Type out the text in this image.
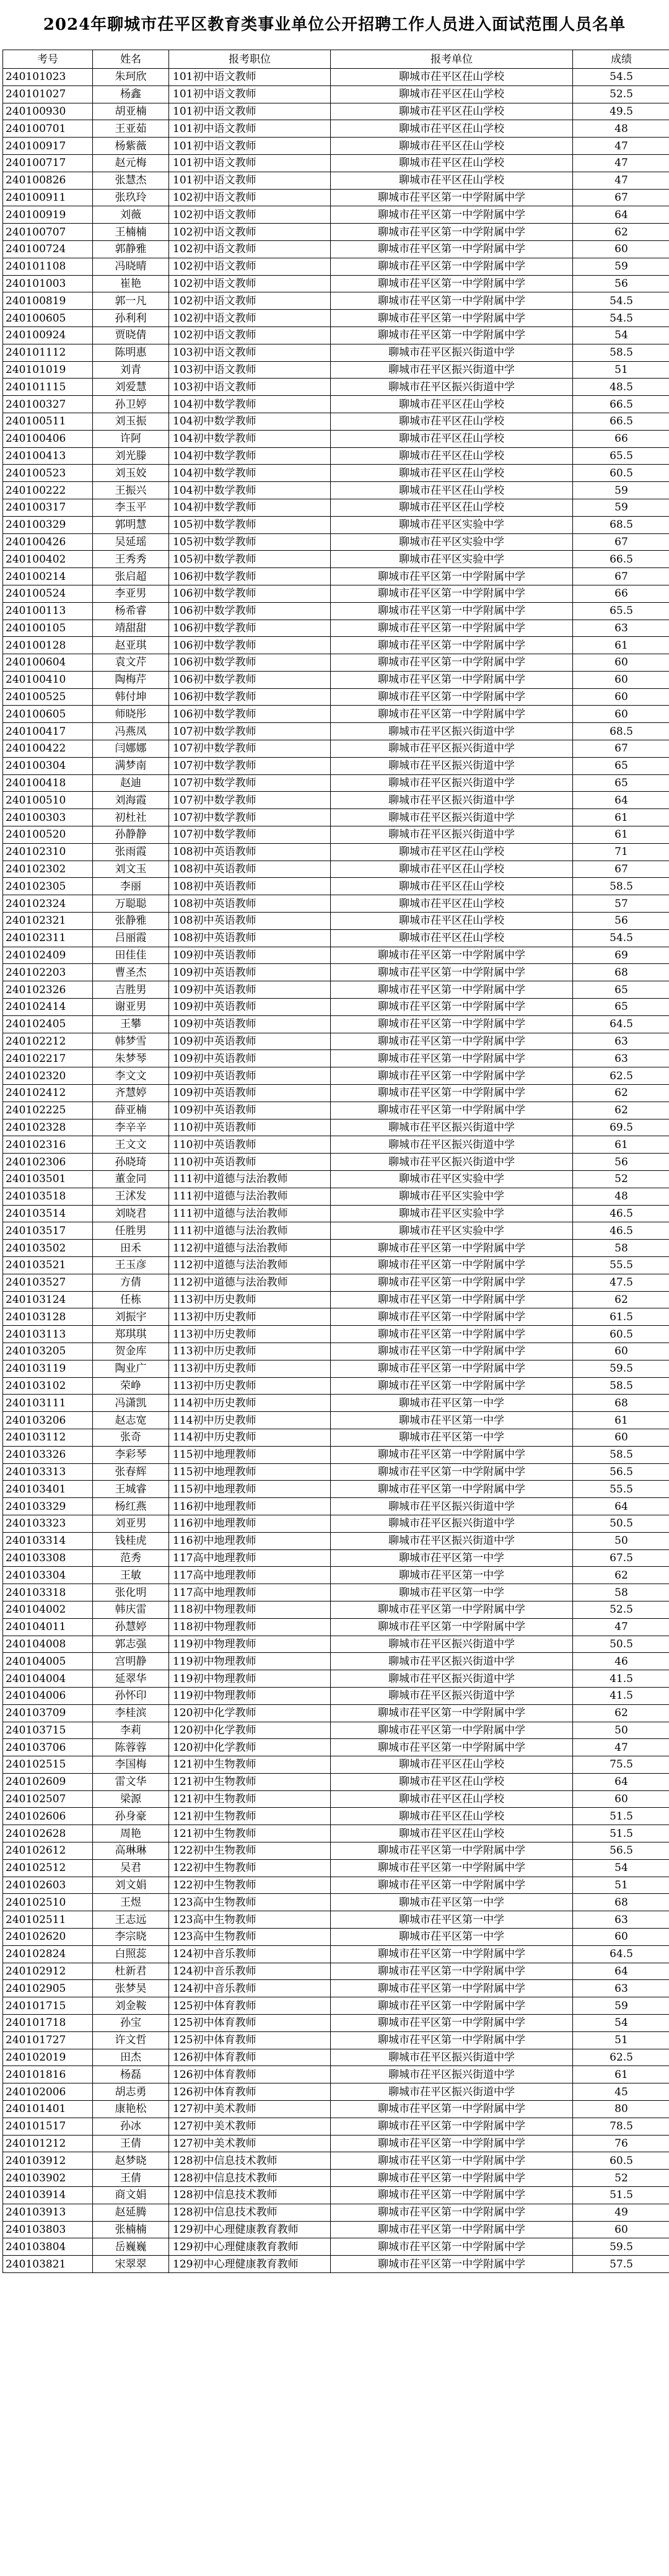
2024年聊城市茌平区教育类事业单位公开招聘工作人员进入面试范围人员名单
考号	姓名	报考职位	报考单位	成绩
240101023	朱珂欣	101初中语文教师	聊城市茌平区茌山学校	54.5
240101027	杨鑫	101初中语文教师	聊城市茌平区茌山学校	52.5
240100930	胡亚楠	101初中语文教师	聊城市茌平区茌山学校	49.5
240100701	王亚茹	101初中语文教师	聊城市茌平区茌山学校	48
240100917	杨紫薇	101初中语文教师	聊城市茌平区茌山学校	47
240100717	赵元梅	101初中语文教师	聊城市茌平区茌山学校	47
240100826	张慧杰	101初中语文教师	聊城市茌平区茌山学校	47
240100911	张玖玲	102初中语文教师	聊城市茌平区第一中学附属中学	67
240100919	刘薇	102初中语文教师	聊城市茌平区第一中学附属中学	64
240100707	王楠楠	102初中语文教师	聊城市茌平区第一中学附属中学	62
240100724	郭静雅	102初中语文教师	聊城市茌平区第一中学附属中学	60
240101108	冯晓晴	102初中语文教师	聊城市茌平区第一中学附属中学	59
240101003	崔艳	102初中语文教师	聊城市茌平区第一中学附属中学	56
240100819	郭一凡	102初中语文教师	聊城市茌平区第一中学附属中学	54.5
240100605	孙利利	102初中语文教师	聊城市茌平区第一中学附属中学	54.5
240100924	贾晓倩	102初中语文教师	聊城市茌平区第一中学附属中学	54
240101112	陈明惠	103初中语文教师	聊城市茌平区振兴街道中学	58.5
240101019	刘青	103初中语文教师	聊城市茌平区振兴街道中学	51
240101115	刘爱慧	103初中语文教师	聊城市茌平区振兴街道中学	48.5
240100327	孙卫婷	104初中数学教师	聊城市茌平区茌山学校	66.5
240100511	刘玉振	104初中数学教师	聊城市茌平区茌山学校	66.5
240100406	许阿	104初中数学教师	聊城市茌平区茌山学校	66
240100413	刘光滕	104初中数学教师	聊城市茌平区茌山学校	65.5
240100523	刘玉姣	104初中数学教师	聊城市茌平区茌山学校	60.5
240100222	王振兴	104初中数学教师	聊城市茌平区茌山学校	59
240100317	李玉平	104初中数学教师	聊城市茌平区茌山学校	59
240100329	郭明慧	105初中数学教师	聊城市茌平区实验中学	68.5
240100426	吴延瑶	105初中数学教师	聊城市茌平区实验中学	67
240100402	王秀秀	105初中数学教师	聊城市茌平区实验中学	66.5
240100214	张启超	106初中数学教师	聊城市茌平区第一中学附属中学	67
240100524	李亚男	106初中数学教师	聊城市茌平区第一中学附属中学	66
240100113	杨希睿	106初中数学教师	聊城市茌平区第一中学附属中学	65.5
240100105	靖甜甜	106初中数学教师	聊城市茌平区第一中学附属中学	63
240100128	赵亚琪	106初中数学教师	聊城市茌平区第一中学附属中学	61
240100604	袁文芹	106初中数学教师	聊城市茌平区第一中学附属中学	60
240100410	陶梅芹	106初中数学教师	聊城市茌平区第一中学附属中学	60
240100525	韩付坤	106初中数学教师	聊城市茌平区第一中学附属中学	60
240100605	师晓彤	106初中数学教师	聊城市茌平区第一中学附属中学	60
240100417	冯燕凤	107初中数学教师	聊城市茌平区振兴街道中学	68.5
240100422	闫娜娜	107初中数学教师	聊城市茌平区振兴街道中学	67
240100304	满梦南	107初中数学教师	聊城市茌平区振兴街道中学	65
240100418	赵迪	107初中数学教师	聊城市茌平区振兴街道中学	65
240100510	刘海霞	107初中数学教师	聊城市茌平区振兴街道中学	64
240100303	初杜社	107初中数学教师	聊城市茌平区振兴街道中学	61
240100520	孙静静	107初中数学教师	聊城市茌平区振兴街道中学	61
240102310	张雨霞	108初中英语教师	聊城市茌平区茌山学校	71
240102302	刘文玉	108初中英语教师	聊城市茌平区茌山学校	67
240102305	李丽	108初中英语教师	聊城市茌平区茌山学校	58.5
240102324	万聪聪	108初中英语教师	聊城市茌平区茌山学校	57
240102321	张静雅	108初中英语教师	聊城市茌平区茌山学校	56
240102311	吕丽霞	108初中英语教师	聊城市茌平区茌山学校	54.5
240102409	田佳佳	109初中英语教师	聊城市茌平区第一中学附属中学	69
240102203	曹圣杰	109初中英语教师	聊城市茌平区第一中学附属中学	68
240102326	吉胜男	109初中英语教师	聊城市茌平区第一中学附属中学	65
240102414	谢亚男	109初中英语教师	聊城市茌平区第一中学附属中学	65
240102405	王攀	109初中英语教师	聊城市茌平区第一中学附属中学	64.5
240102212	韩梦雪	109初中英语教师	聊城市茌平区第一中学附属中学	63
240102217	朱梦琴	109初中英语教师	聊城市茌平区第一中学附属中学	63
240102320	李文文	109初中英语教师	聊城市茌平区第一中学附属中学	62.5
240102412	齐慧婷	109初中英语教师	聊城市茌平区第一中学附属中学	62
240102225	薛亚楠	109初中英语教师	聊城市茌平区第一中学附属中学	62
240102328	李辛辛	110初中英语教师	聊城市茌平区振兴街道中学	69.5
240102316	王文文	110初中英语教师	聊城市茌平区振兴街道中学	61
240102306	孙晓琦	110初中英语教师	聊城市茌平区振兴街道中学	56
240103501	董金同	111初中道德与法治教师	聊城市茌平区实验中学	52
240103518	王沭发	111初中道德与法治教师	聊城市茌平区实验中学	48
240103514	刘晓君	111初中道德与法治教师	聊城市茌平区实验中学	46.5
240103517	任胜男	111初中道德与法治教师	聊城市茌平区实验中学	46.5
240103502	田禾	112初中道德与法治教师	聊城市茌平区第一中学附属中学	58
240103521	王玉彦	112初中道德与法治教师	聊城市茌平区第一中学附属中学	55.5
240103527	方倩	112初中道德与法治教师	聊城市茌平区第一中学附属中学	47.5
240103124	任栋	113初中历史教师	聊城市茌平区第一中学附属中学	62
240103128	刘振宇	113初中历史教师	聊城市茌平区第一中学附属中学	61.5
240103113	郑琪琪	113初中历史教师	聊城市茌平区第一中学附属中学	60.5
240103205	贺金库	113初中历史教师	聊城市茌平区第一中学附属中学	60
240103119	陶业广	113初中历史教师	聊城市茌平区第一中学附属中学	59.5
240103102	荣峥	113初中历史教师	聊城市茌平区第一中学附属中学	58.5
240103111	冯潇凯	114初中历史教师	聊城市茌平区第一中学	68
240103206	赵志宽	114初中历史教师	聊城市茌平区第一中学	61
240103112	张奇	114初中历史教师	聊城市茌平区第一中学	60
240103326	李彩琴	115初中地理教师	聊城市茌平区第一中学附属中学	58.5
240103313	张春辉	115初中地理教师	聊城市茌平区第一中学附属中学	56.5
240103401	王城睿	115初中地理教师	聊城市茌平区第一中学附属中学	55.5
240103329	杨红燕	116初中地理教师	聊城市茌平区振兴街道中学	64
240103323	刘亚男	116初中地理教师	聊城市茌平区振兴街道中学	50.5
240103314	钱桂虎	116初中地理教师	聊城市茌平区振兴街道中学	50
240103308	范秀	117高中地理教师	聊城市茌平区第一中学	67.5
240103304	王敏	117高中地理教师	聊城市茌平区第一中学	62
240103318	张化明	117高中地理教师	聊城市茌平区第一中学	58
240104002	韩庆雷	118初中物理教师	聊城市茌平区第一中学附属中学	52.5
240104011	孙慧婷	118初中物理教师	聊城市茌平区第一中学附属中学	47
240104008	郭志强	119初中物理教师	聊城市茌平区振兴街道中学	50.5
240104005	宫明静	119初中物理教师	聊城市茌平区振兴街道中学	46
240104004	延翠华	119初中物理教师	聊城市茌平区振兴街道中学	41.5
240104006	孙怀印	119初中物理教师	聊城市茌平区振兴街道中学	41.5
240103709	李桂滨	120初中化学教师	聊城市茌平区第一中学附属中学	62
240103715	李莉	120初中化学教师	聊城市茌平区第一中学附属中学	50
240103706	陈蓉蓉	120初中化学教师	聊城市茌平区第一中学附属中学	47
240102515	李国梅	121初中生物教师	聊城市茌平区茌山学校	75.5
240102609	雷文华	121初中生物教师	聊城市茌平区茌山学校	64
240102507	梁源	121初中生物教师	聊城市茌平区茌山学校	60
240102606	孙身豪	121初中生物教师	聊城市茌平区茌山学校	51.5
240102628	周艳	121初中生物教师	聊城市茌平区茌山学校	51.5
240102612	高琳琳	122初中生物教师	聊城市茌平区第一中学附属中学	56.5
240102512	吴君	122初中生物教师	聊城市茌平区第一中学附属中学	54
240102603	刘文娟	122初中生物教师	聊城市茌平区第一中学附属中学	51
240102510	王煜	123高中生物教师	聊城市茌平区第一中学	68
240102511	王志远	123高中生物教师	聊城市茌平区第一中学	63
240102620	李宗晓	123高中生物教师	聊城市茌平区第一中学	60
240102824	白照蕊	124初中音乐教师	聊城市茌平区第一中学附属中学	64.5
240102912	杜新君	124初中音乐教师	聊城市茌平区第一中学附属中学	64
240102905	张梦昊	124初中音乐教师	聊城市茌平区第一中学附属中学	63
240101715	刘金鞍	125初中体育教师	聊城市茌平区第一中学附属中学	59
240101718	孙宝	125初中体育教师	聊城市茌平区第一中学附属中学	54
240101727	许文哲	125初中体育教师	聊城市茌平区第一中学附属中学	51
240102019	田杰	126初中体育教师	聊城市茌平区振兴街道中学	62.5
240101816	杨磊	126初中体育教师	聊城市茌平区振兴街道中学	61
240102006	胡志勇	126初中体育教师	聊城市茌平区振兴街道中学	45
240101401	康艳松	127初中美术教师	聊城市茌平区第一中学附属中学	80
240101517	孙冰	127初中美术教师	聊城市茌平区第一中学附属中学	78.5
240101212	王倩	127初中美术教师	聊城市茌平区第一中学附属中学	76
240103912	赵梦晓	128初中信息技术教师	聊城市茌平区第一中学附属中学	60.5
240103902	王倩	128初中信息技术教师	聊城市茌平区第一中学附属中学	52
240103914	商文娟	128初中信息技术教师	聊城市茌平区第一中学附属中学	51.5
240103913	赵延腾	128初中信息技术教师	聊城市茌平区第一中学附属中学	49
240103803	张楠楠	129初中心理健康教育教师	聊城市茌平区第一中学附属中学	60
240103804	岳巍巍	129初中心理健康教育教师	聊城市茌平区第一中学附属中学	59.5
240103821	宋翠翠	129初中心理健康教育教师	聊城市茌平区第一中学附属中学	57.5
